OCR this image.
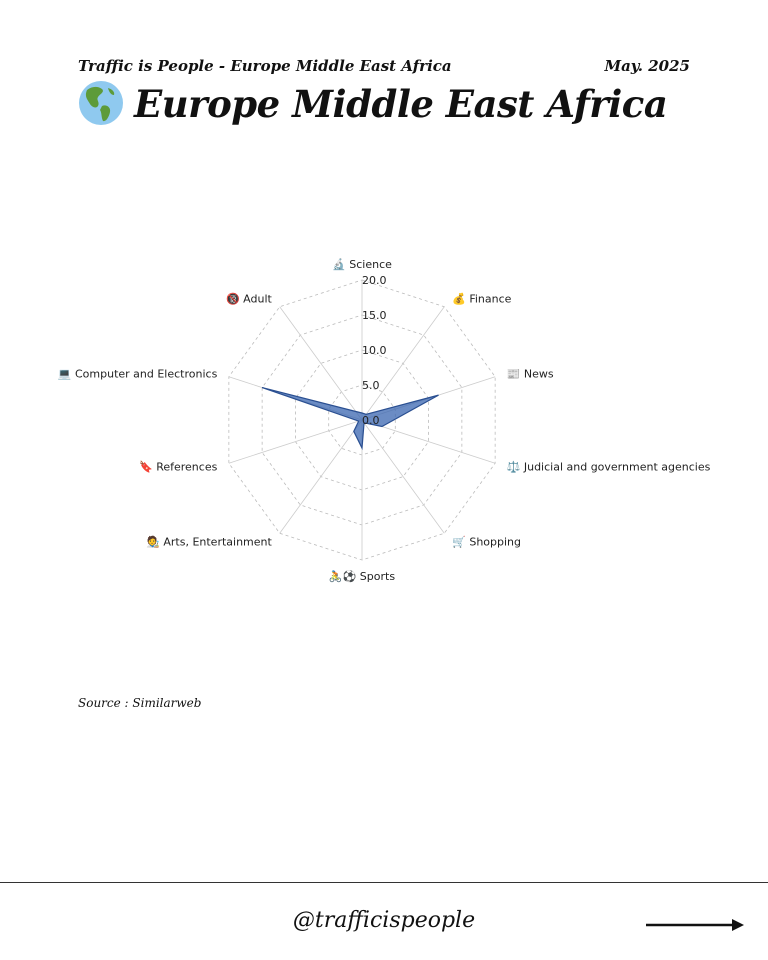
Traffic is People - Europe Middle East Africa	May. 2025
Europe Middle East Africa
0.0
5.0
10.0
15.0
20.0
🔬 Science
💰 Finance
📰 News
⚖️ Judicial and government agencies
🛒 Shopping
🚴⚽ Sports
🧑‍🎨 Arts, Entertainment
🔖 References
💻 Computer and Electronics
🔞 Adult
Source : Similarweb
@trafficispeople
